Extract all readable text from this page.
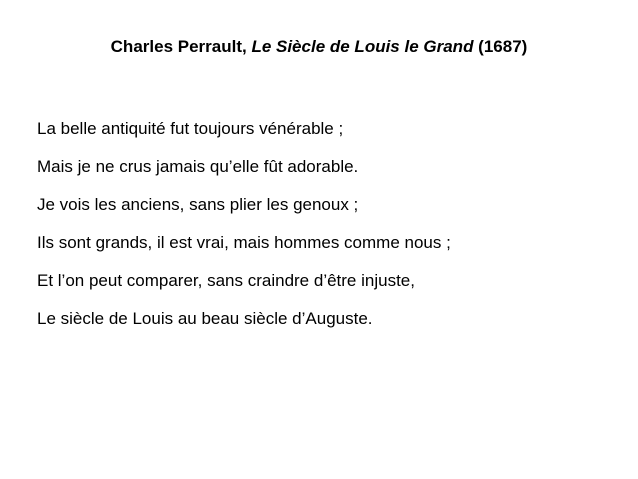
Charles Perrault, Le Siècle de Louis le Grand (1687)
La belle antiquité fut toujours vénérable ;
Mais je ne crus jamais qu’elle fût adorable.
Je vois les anciens, sans plier les genoux ;
Ils sont grands, il est vrai, mais hommes comme nous ;
Et l’on peut comparer, sans craindre d’être injuste,
Le siècle de Louis au beau siècle d’Auguste.
